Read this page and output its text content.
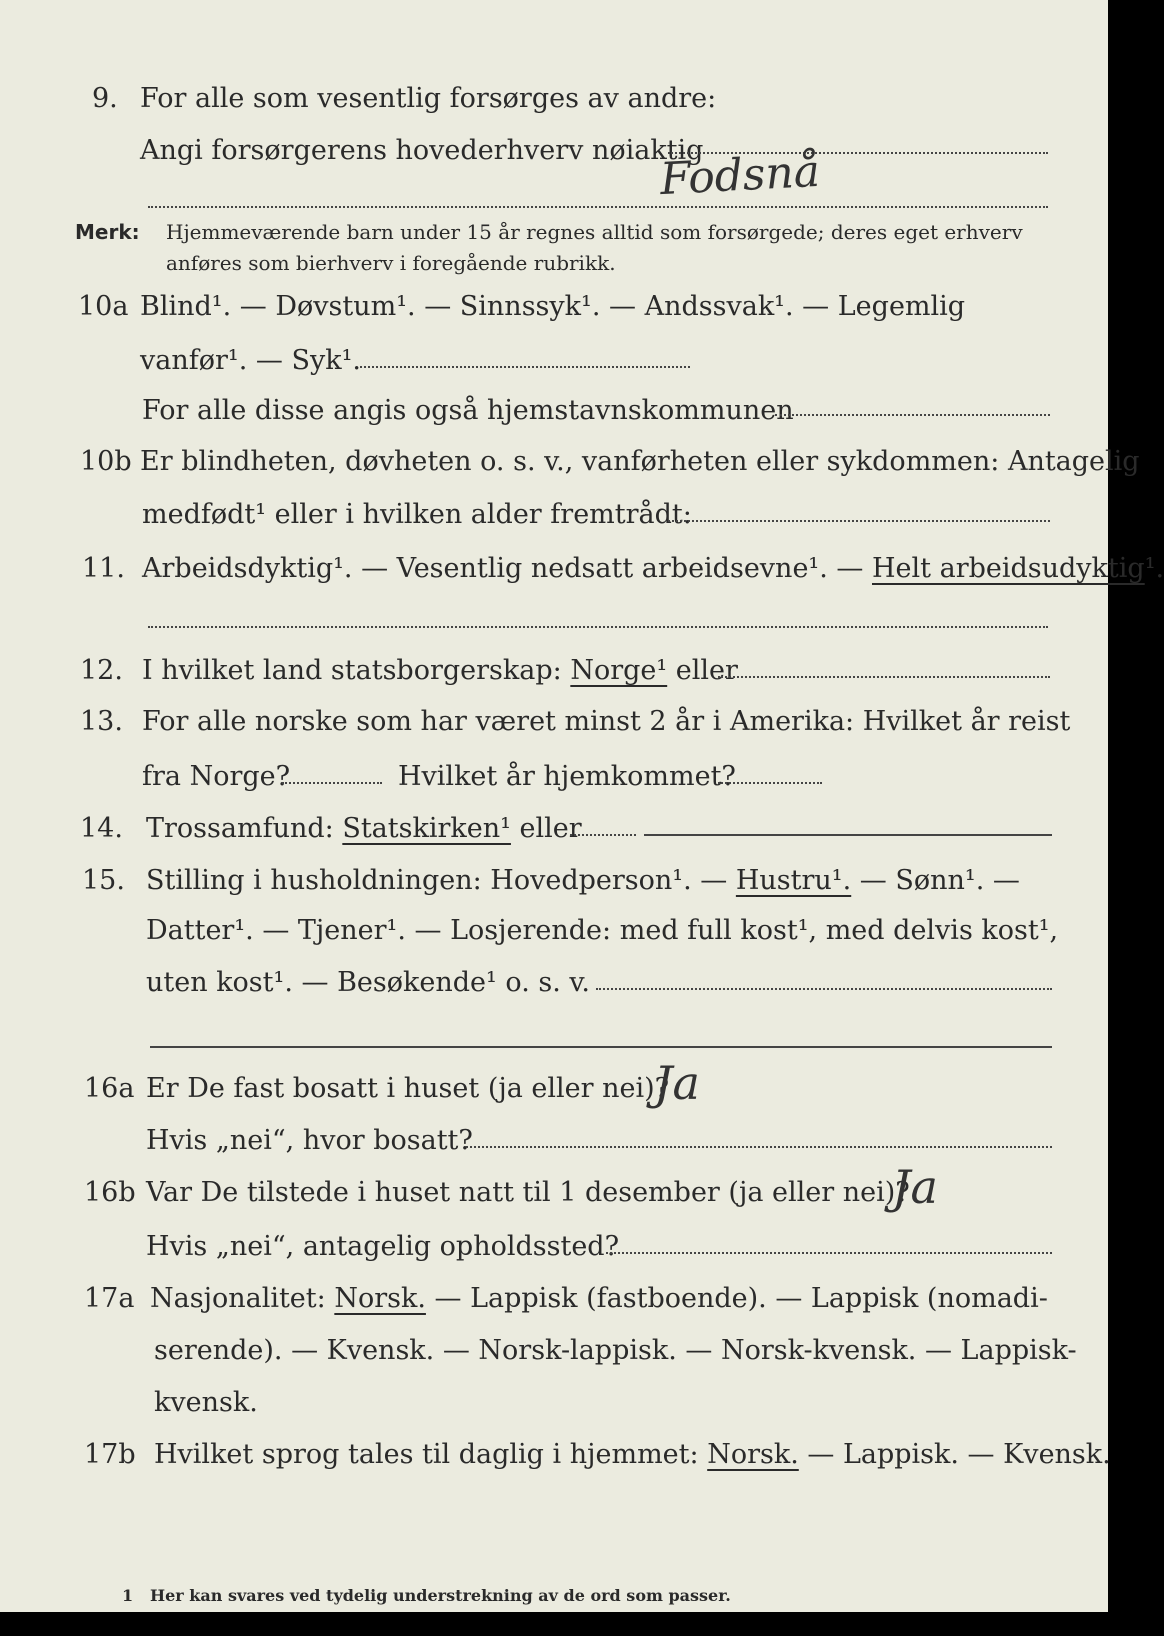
9. For alle som vesentlig forsørges av andre:
Angi forsørgerens hovederhverv nøiaktig
Fodsnå
Merk: Hjemmeværende barn under 15 år regnes alltid som forsørgede; deres eget erhverv
anføres som bierhverv i foregående rubrikk.
10a Blind¹. — Døvstum¹. — Sinnssyk¹. — Andssvak¹. — Legemlig
vanfør¹. — Syk¹.
For alle disse angis også hjemstavnskommunen
10b Er blindheten, døvheten o. s. v., vanførheten eller sykdommen: Antagelig
medfødt¹ eller i hvilken alder fremtrådt:
11. Arbeidsdyktig¹. — Vesentlig nedsatt arbeidsevne¹. — Helt arbeidsudyktig¹.
12. I hvilket land statsborgerskap: Norge¹ eller
13. For alle norske som har været minst 2 år i Amerika: Hvilket år reist
fra Norge?	Hvilket år hjemkommet?
14. Trossamfund: Statskirken¹ eller
15. Stilling i husholdningen: Hovedperson¹. — Hustru¹. — Sønn¹. —
Datter¹. — Tjener¹. — Losjerende: med full kost¹, med delvis kost¹,
uten kost¹. — Besøkende¹ o. s. v.
16a Er De fast bosatt i huset (ja eller nei)?
Ja
Hvis „nei“, hvor bosatt?
16b Var De tilstede i huset natt til 1 desember (ja eller nei)?
Ja
Hvis „nei“, antagelig opholdssted?
17a Nasjonalitet: Norsk. — Lappisk (fastboende). — Lappisk (nomadi-
serende). — Kvensk. — Norsk-lappisk. — Norsk-kvensk. — Lappisk-
kvensk.
17b Hvilket sprog tales til daglig i hjemmet: Norsk. — Lappisk. — Kvensk.
1 Her kan svares ved tydelig understrekning av de ord som passer.
